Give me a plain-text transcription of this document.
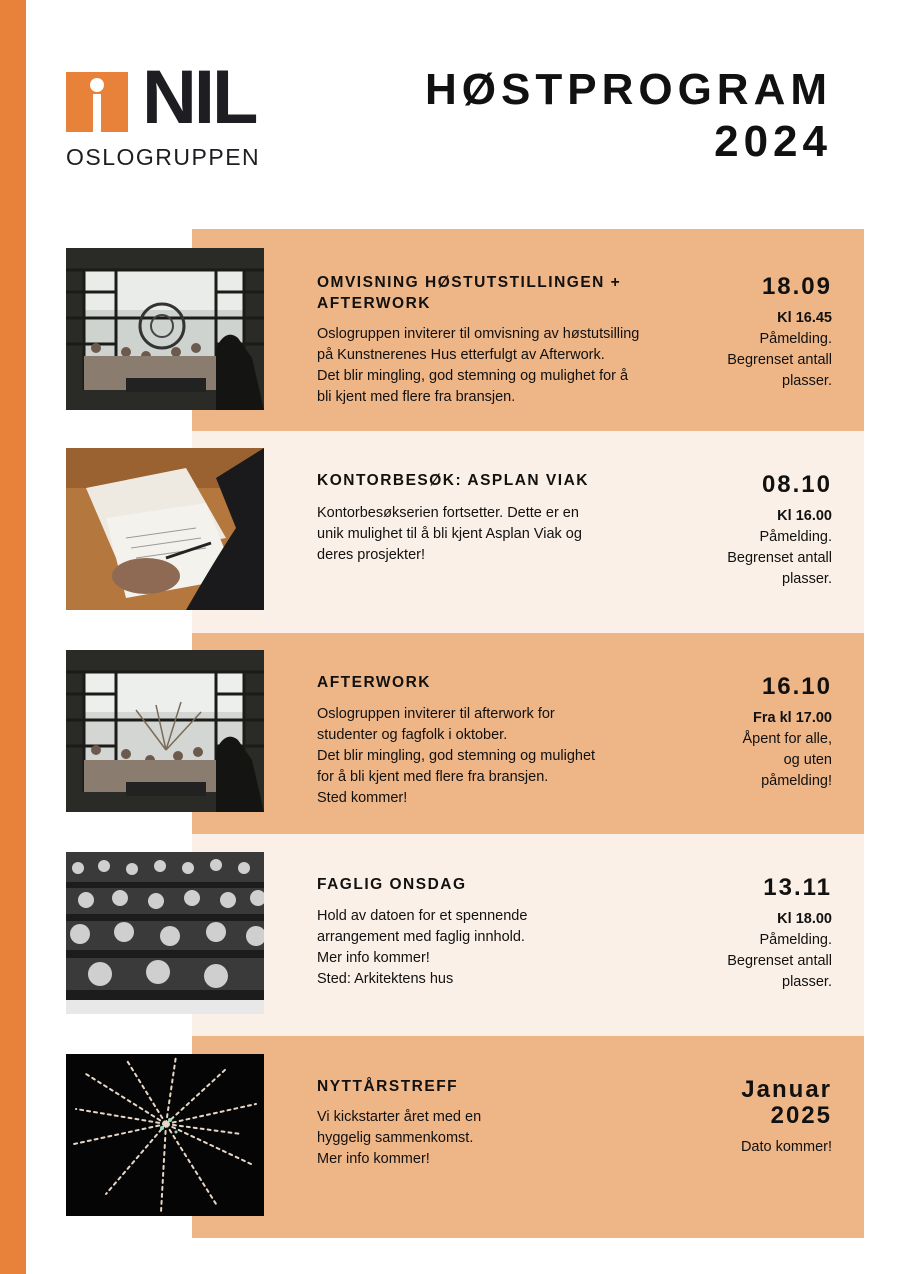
NIL
OSLOGRUPPEN
HØSTPROGRAM
2024
OMVISNING HØSTUTSTILLINGEN +
AFTERWORK
Oslogruppen inviterer til omvisning av høstutsilling
på Kunstnerenes Hus etterfulgt av Afterwork.
Det blir mingling, god stemning og mulighet for å
bli kjent med flere fra bransjen.
18.09
Kl 16.45
Påmelding.
Begrenset antall
plasser.
KONTORBESØK: ASPLAN VIAK
Kontorbesøkserien fortsetter. Dette er en
unik mulighet til å bli kjent Asplan Viak og
deres prosjekter!
08.10
Kl 16.00
Påmelding.
Begrenset antall
plasser.
AFTERWORK
Oslogruppen inviterer til afterwork for
studenter og fagfolk i oktober.
Det blir mingling, god stemning og mulighet
for å bli kjent med flere fra bransjen.
Sted kommer!
16.10
Fra kl 17.00
Åpent for alle,
og uten
påmelding!
FAGLIG ONSDAG
Hold av datoen for et spennende
arrangement med faglig innhold.
Mer info kommer!
Sted: Arkitektens hus
13.11
Kl 18.00
Påmelding.
Begrenset antall
plasser.
NYTTÅRSTREFF
Vi kickstarter året med en
hyggelig sammenkomst.
Mer info kommer!
Januar
2025
Dato kommer!
